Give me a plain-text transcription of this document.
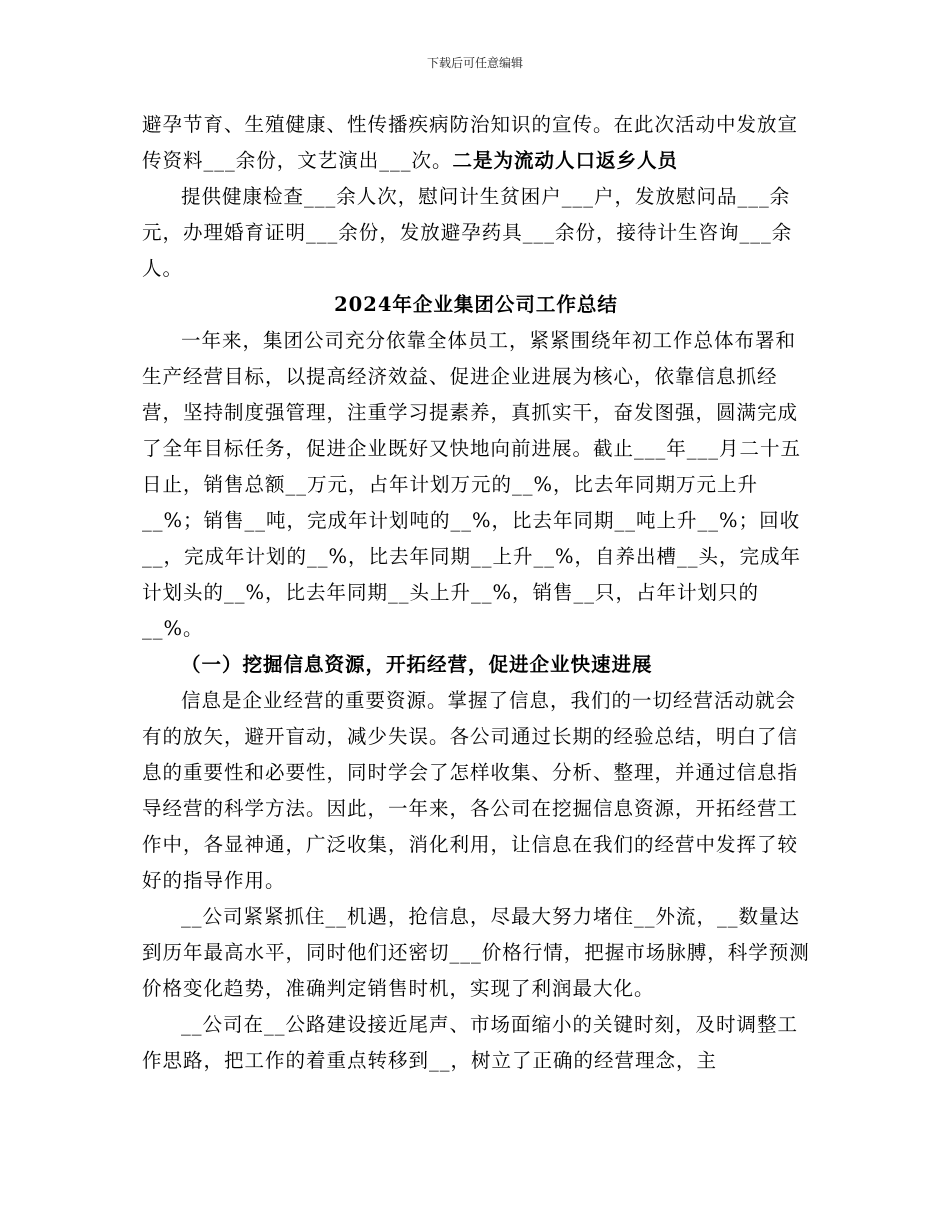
下载后可任意编辑

避孕节育、生殖健康、性传播疾病防治知识的宣传。在此次活动中发放宣传资料___余份，文艺演出___次。二是为流动人口返乡人员

提供健康检查___余人次，慰问计生贫困户___户，发放慰问品___余元，办理婚育证明___余份，发放避孕药具___余份，接待计生咨询___余人。

2024年企业集团公司工作总结

一年来，集团公司充分依靠全体员工，紧紧围绕年初工作总体布署和生产经营目标，以提高经济效益、促进企业进展为核心，依靠信息抓经营，坚持制度强管理，注重学习提素养，真抓实干，奋发图强，圆满完成了全年目标任务，促进企业既好又快地向前进展。截止___年___月二十五日止，销售总额__万元，占年计划万元的__%，比去年同期万元上升__%；销售__吨，完成年计划吨的__%，比去年同期__吨上升__%；回收__，完成年计划的__%，比去年同期__上升__%，自养出槽__头，完成年计划头的__%，比去年同期__头上升__%，销售__只，占年计划只的__%。

（一）挖掘信息资源，开拓经营，促进企业快速进展

信息是企业经营的重要资源。掌握了信息，我们的一切经营活动就会有的放矢，避开盲动，减少失误。各公司通过长期的经验总结，明白了信息的重要性和必要性，同时学会了怎样收集、分析、整理，并通过信息指导经营的科学方法。因此，一年来，各公司在挖掘信息资源，开拓经营工作中，各显神通，广泛收集，消化利用，让信息在我们的经营中发挥了较好的指导作用。

__公司紧紧抓住__机遇，抢信息，尽最大努力堵住__外流，__数量达到历年最高水平，同时他们还密切___价格行情，把握市场脉膊，科学预测价格变化趋势，准确判定销售时机，实现了利润最大化。

__公司在__公路建设接近尾声、市场面缩小的关键时刻，及时调整工作思路，把工作的着重点转移到__，树立了正确的经营理念，主
